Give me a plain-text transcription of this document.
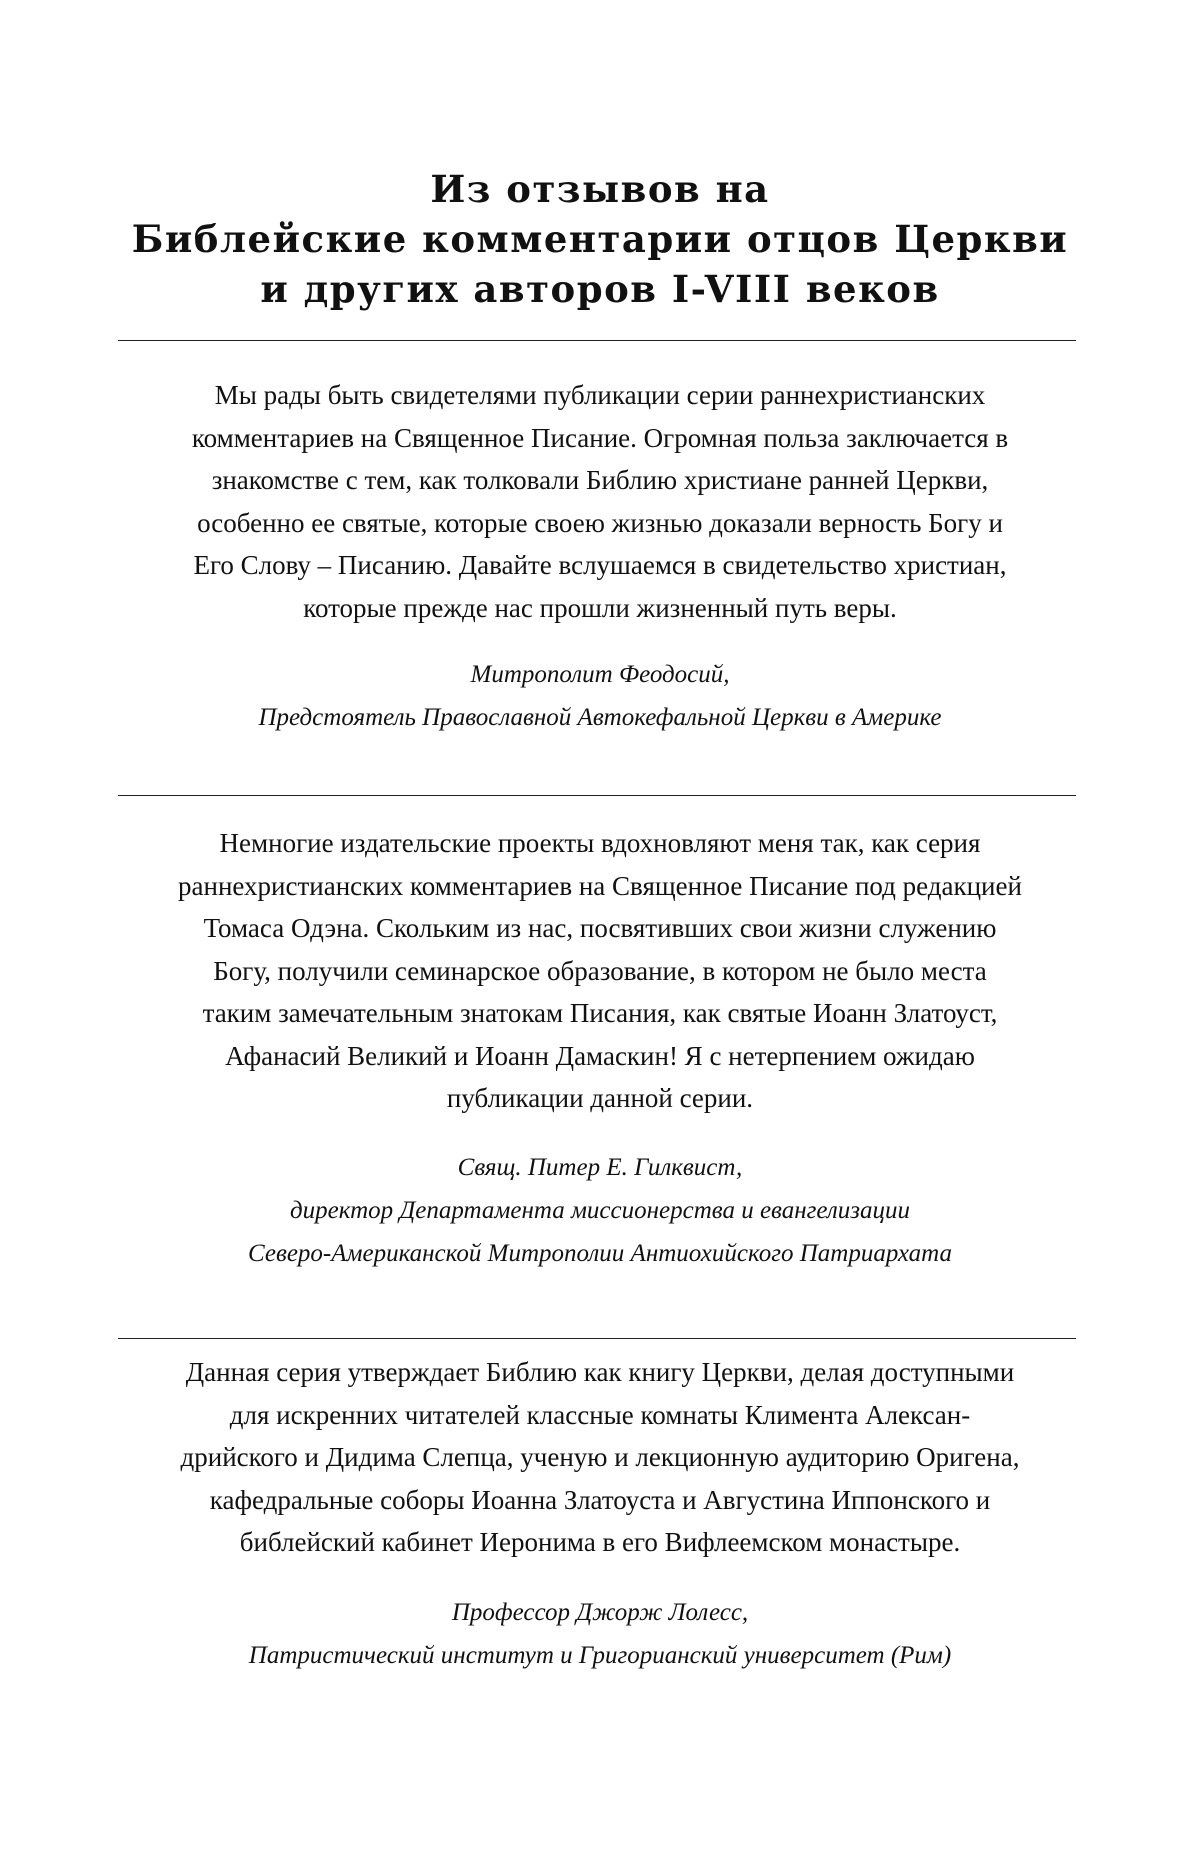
Из отзывов на
Библейские комментарии отцов Церкви
и других авторов I-VIII веков
Мы рады быть свидетелями публикации серии раннехристианских
комментариев на Священное Писание. Огромная польза заключается в
знакомстве с тем, как толковали Библию христиане ранней Церкви,
особенно ее святые, которые своею жизнью доказали верность Богу и
Его Слову – Писанию. Давайте вслушаемся в свидетельство христиан,
которые прежде нас прошли жизненный путь веры.
Митрополит Феодосий,
Предстоятель Православной Автокефальной Церкви в Америке
Немногие издательские проекты вдохновляют меня так, как серия
раннехристианских комментариев на Священное Писание под редакцией
Томаса Одэна. Скольким из нас, посвятивших свои жизни служению
Богу, получили семинарское образование, в котором не было места
таким замечательным знатокам Писания, как святые Иоанн Златоуст,
Афанасий Великий и Иоанн Дамаскин! Я с нетерпением ожидаю
публикации данной серии.
Свящ. Питер Е. Гилквист,
директор Департамента миссионерства и евангелизации
Северо-Американской Митрополии Антиохийского Патриархата
Данная серия утверждает Библию как книгу Церкви, делая доступными
для искренних читателей классные комнаты Климента Алексан-
дрийского и Дидима Слепца, ученую и лекционную аудиторию Оригена,
кафедральные соборы Иоанна Златоуста и Августина Иппонского и
библейский кабинет Иеронима в его Вифлеемском монастыре.
Профессор Джорж Лолесс,
Патристический институт и Григорианский университет (Рим)
